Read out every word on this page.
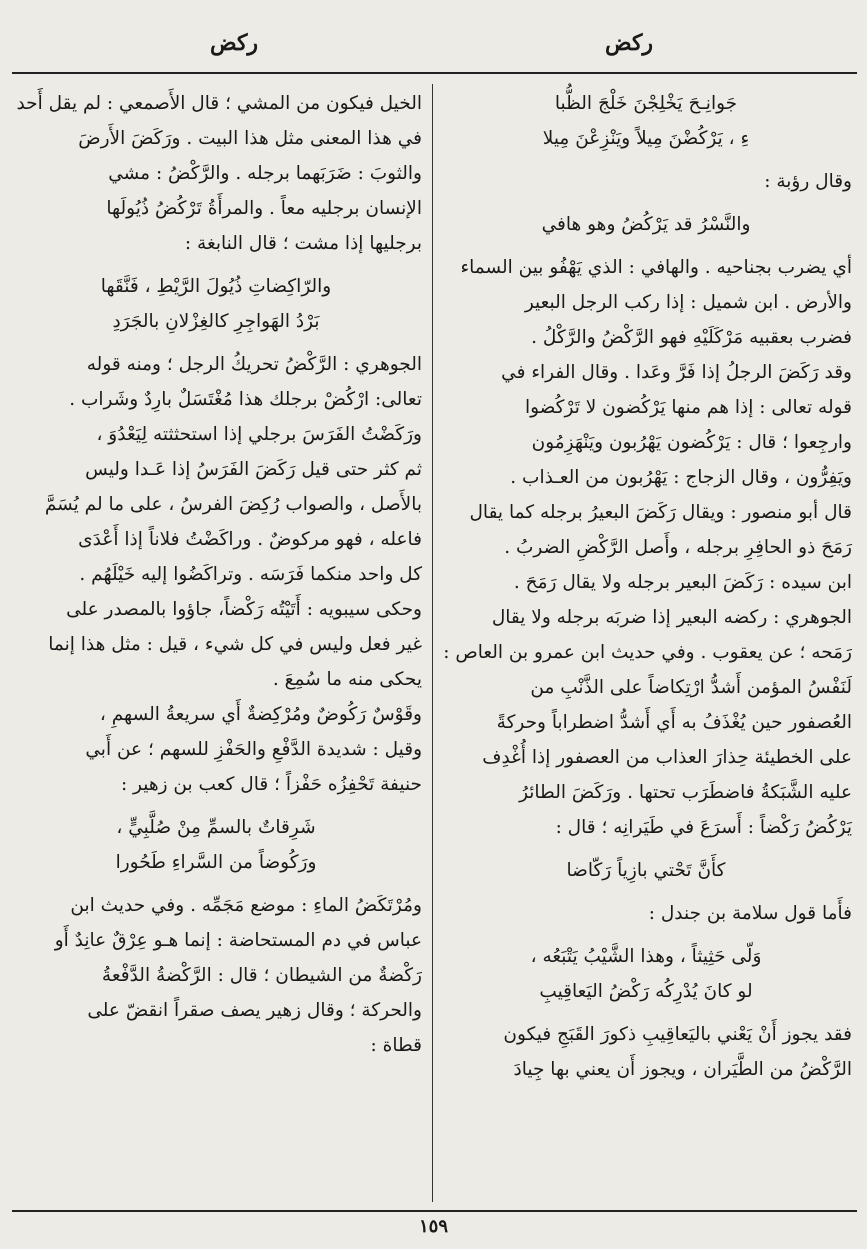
ركض	ركض

جَوانِـحَ يَخْلِجْنَ خَلْجَ الظُّبا

ءِ ، يَرْكُضْنَ مِيلاً ويَنْزِعْنَ مِيلا

وقال رؤبة :

والنَّسْرُ قد يَرْكُضُ وهو هافي

أي يضرب بجناحيه . والهافي : الذي يَهْفُو بين السماء

والأرض . ابن شميل : إذا ركب الرجل البعير

فضرب بعقبيه مَرْكَلَيْهِ فهو الرَّكْضُ والرَّكْلُ .

وقد رَكَضَ الرجلُ إذا فَرَّ وعَدا . وقال الفراء في

قوله تعالى : إذا هم منها يَرْكُضون لا تَرْكُضوا

وارجِعوا ؛ قال : يَرْكُضون يَهْرُبون ويَنْهَزِمُون

ويَفِرُّون ، وقال الزجاج : يَهْرُبون من العـذاب .

قال أبو منصور : ويقال رَكَضَ البعيرُ برجله كما يقال

رَمَحَ ذو الحافِرِ برجله ، وأَصل الرَّكْضِ الضربُ .

ابن سيده : رَكَضَ البعير برجله ولا يقال رَمَحَ .

الجوهري : ركضه البعير إذا ضربَه برجله ولا يقال

رَمَحه ؛ عن يعقوب . وفي حديث ابن عمرو بن العاص :

لَنَفْسُ المؤمن أَشدُّ ارْتِكاضاً على الذَّنْبِ من

العُصفور حين يُغْذَفُ به أَي أَشدُّ اضطراباً وحركةً

على الخطيئة حِذارَ العذاب من العصفور إذا أُغْدِف

عليه الشَّبَكةُ فاضطَرَب تحتها . ورَكَضَ الطائرُ

يَرْكُضُ رَكْضاً : أَسرَعَ في طَيَرانِه ؛ قال :

كأَنَّ تَحْتي بازِياً رَكّاضا

فأَما قول سلامة بن جندل :

وَلّى حَثِيثاً ، وهذا الشَّيْبُ يَتْبَعُه ،

لو كانَ يُدْرِكُه رَكْضُ اليَعاقِيبِ

فقد يجوز أَنْ يَعْني باليَعاقِيبِ ذكورَ القَبَجِ فيكون

الرَّكْضُ من الطَّيَران ، ويجوز أَن يعني بها جِيادَ

الخيل فيكون من المشي ؛ قال الأَصمعي : لم يقل أَحد

في هذا المعنى مثل هذا البيت . ورَكَضَ الأَرضَ

والثوبَ : ضَرَبَهما برجله . والرَّكْضُ : مشي

الإنسان برجليه معاً . والمرأَةُ تَرْكُضُ ذُيُولَها

برجليها إذا مشت ؛ قال النابغة :

والرّاكِضاتِ ذُيُولَ الرَّيْطِ ، فَنَّقَها

بَرْدُ الهَواجِرِ كالغِزْلانِ بالجَرَدِ

الجوهري : الرَّكْضُ تحريكُ الرجل ؛ ومنه قوله

تعالى: ارْكُضْ برجلك هذا مُغْتَسَلٌ بارِدٌ وشَراب .

ورَكَضْتُ الفَرَسَ برجلي إذا استحثثته لِيَعْدُوَ ،

ثم كثر حتى قيل رَكَضَ الفَرَسُ إذا عَـدا وليس

بالأَصل ، والصواب رُكِضَ الفرسُ ، على ما لم يُسَمَّ

فاعله ، فهو مركوضٌ . وراكَضْتُ فلاناً إذا أَعْدَى

كل واحد منكما فَرَسَه . وتراكَضُوا إليه خَيْلَهُم .

وحكى سيبويه : أَتَيْتُه رَكْضاً، جاؤوا بالمصدر على

غير فعل وليس في كل شيء ، قيل : مثل هذا إنما

يحكى منه ما سُمِعَ .

وقَوْسٌ رَكُوضٌ ومُرْكِضةٌ أَي سريعةُ السهمِ ،

وقيل : شديدة الدَّفْعِ والحَفْزِ للسهم ؛ عن أَبي

حنيفة تَحْفِزُه حَفْزاً ؛ قال كعب بن زهير :

شَرِقاتٌ بالسمِّ مِنْ صُلَّبِيٍّ ،

ورَكُوضاً من السَّراءِ طَحُورا

ومُرْتَكَضُ الماءِ : موضع مَجَمِّه . وفي حديث ابن

عباس في دم المستحاضة : إنما هـو عِرْقٌ عانِدٌ أَو

رَكْضةٌ من الشيطان ؛ قال : الرَّكْضةُ الدَّفْعةُ

والحركة ؛ وقال زهير يصف صقراً انقضّ على

قطاة :

١٥٩
